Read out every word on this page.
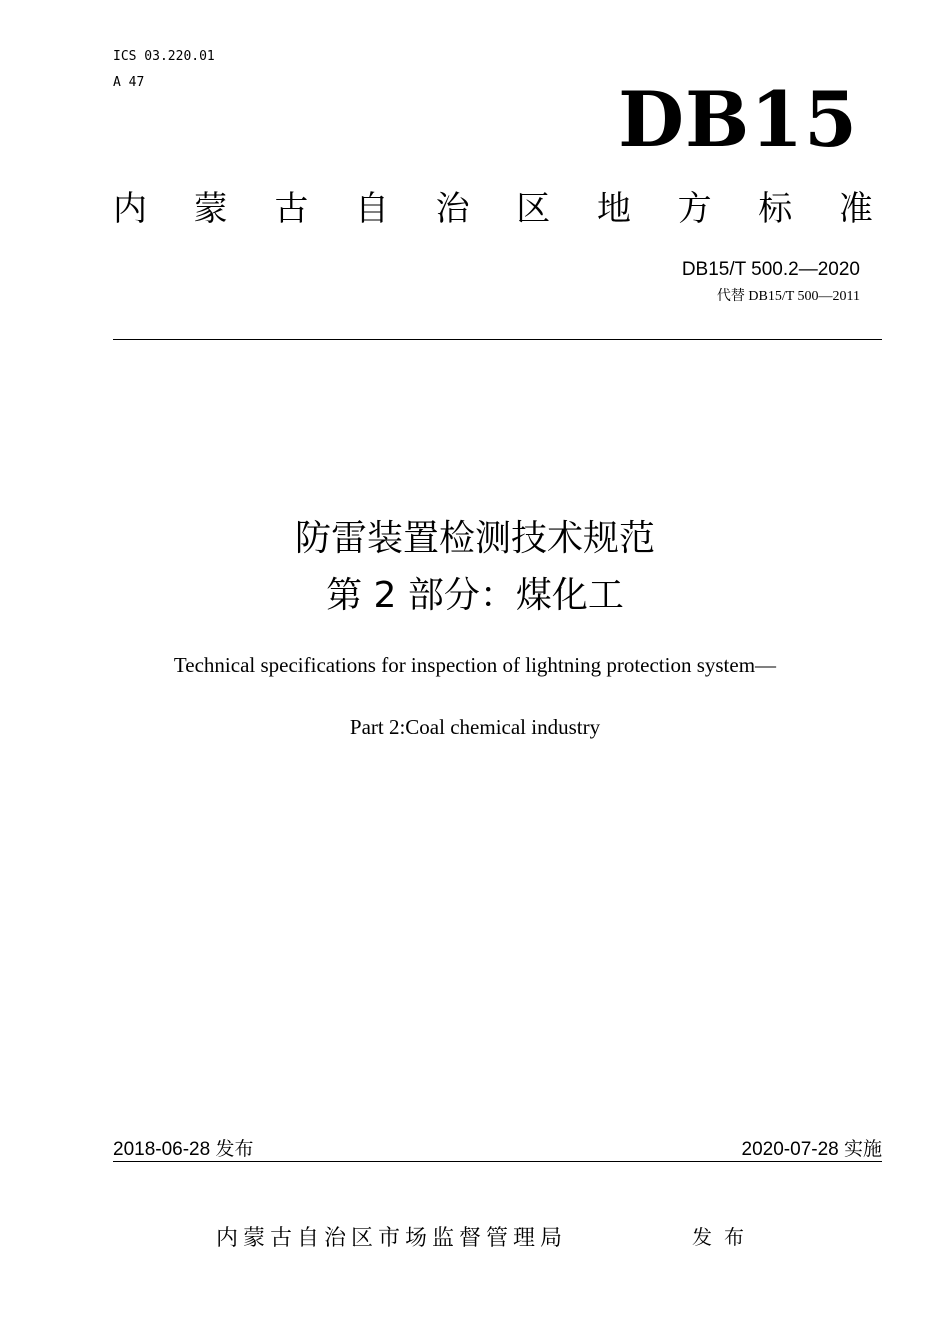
ICS 03.220.01
A 47	DB15
内 蒙 古 自 治 区 地 方 标 准
DB15/T 500.2—2020
代替 DB15/T 500—2011
防雷装置检测技术规范
第 2 部分：煤化工
Technical specifications for inspection of lightning protection system—
Part 2:Coal chemical industry
2018-06-28 发布	2020-07-28 实施
内蒙古自治区市场监督管理局	发布
